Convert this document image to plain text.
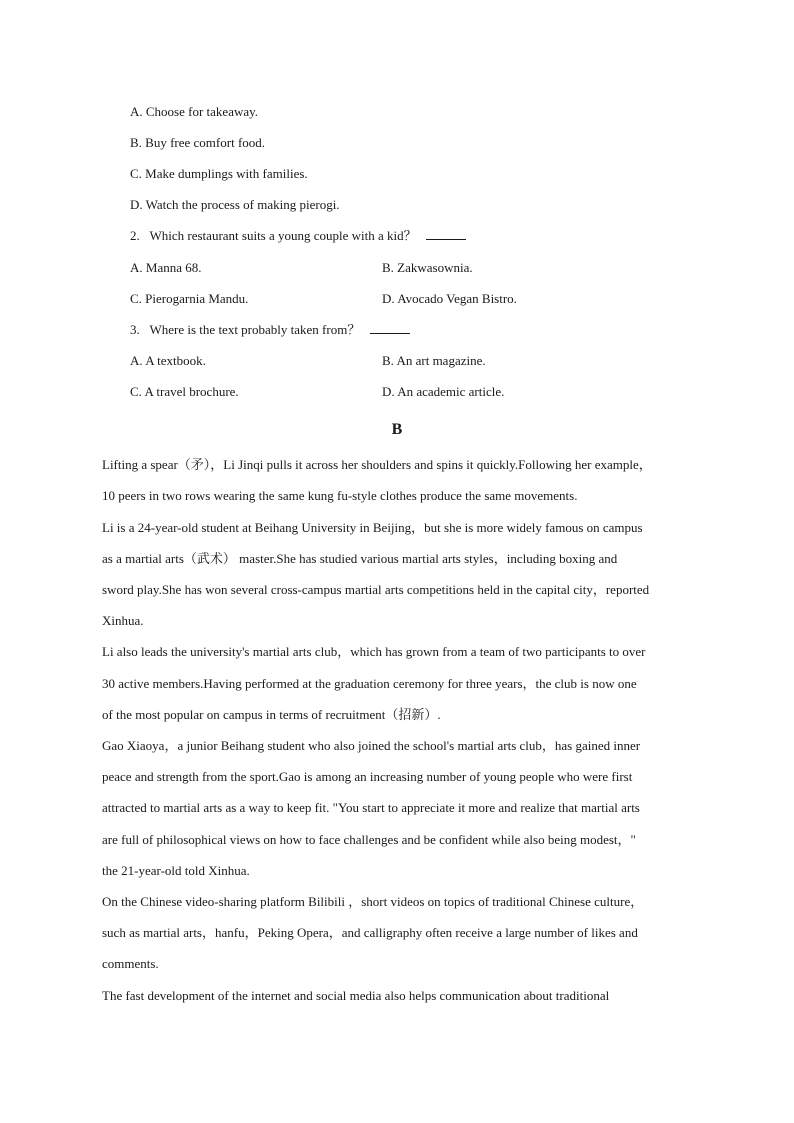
A. Choose for takeaway.
B. Buy free comfort food.
C. Make dumplings with families.
D. Watch the process of making pierogi.
2. Which restaurant suits a young couple with a kid？
A. Manna 68.	B. Zakwasownia.
C. Pierogarnia Mandu.	D. Avocado Vegan Bistro.
3. Where is the text probably taken from？
A. A textbook.	B. An art magazine.
C. A travel brochure.	D. An academic article.
B
Lifting a spear（矛），Li Jinqi pulls it across her shoulders and spins it quickly.Following her example，
10 peers in two rows wearing the same kung fu-style clothes produce the same movements.
Li is a 24-year-old student at Beihang University in Beijing，but she is more widely famous on campus
as a martial arts（武术） master.She has studied various martial arts styles，including boxing and
sword play.She has won several cross-campus martial arts competitions held in the capital city，reported
Xinhua.
Li also leads the university's martial arts club，which has grown from a team of two participants to over
30 active members.Having performed at the graduation ceremony for three years，the club is now one
of the most popular on campus in terms of recruitment（招新）.
Gao Xiaoya，a junior Beihang student who also joined the school's martial arts club，has gained inner
peace and strength from the sport.Gao is among an increasing number of young people who were first
attracted to martial arts as a way to keep fit. "You start to appreciate it more and realize that martial arts
are full of philosophical views on how to face challenges and be confident while also being modest，"
the 21-year-old told Xinhua.
On the Chinese video-sharing platform Bilibili ，short videos on topics of traditional Chinese culture，
such as martial arts，hanfu，Peking Opera，and calligraphy often receive a large number of likes and
comments.
The fast development of the internet and social media also helps communication about traditional
